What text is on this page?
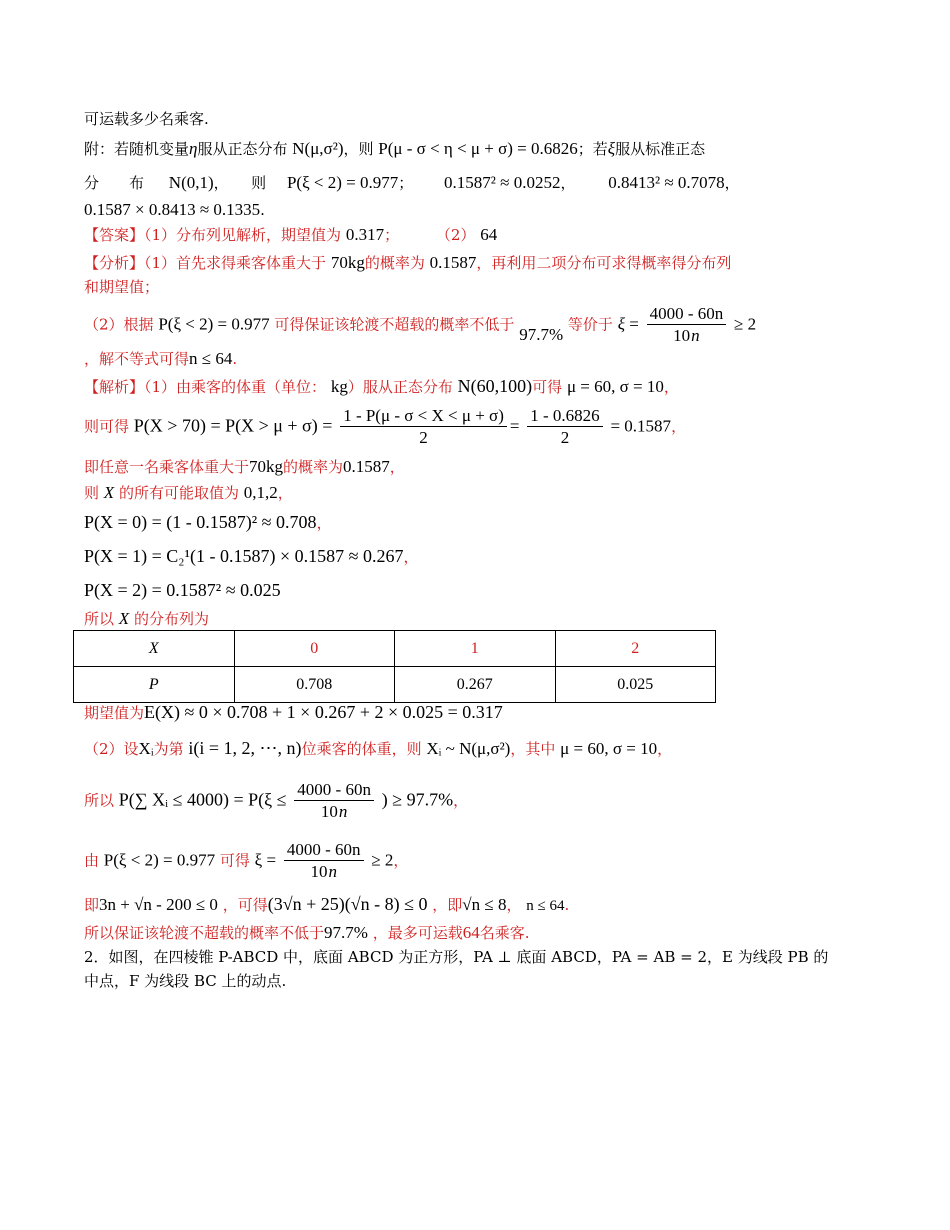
可运载多少名乘客.
附：若随机变量η服从正态分布 N(μ,σ²)，则 P(μ - σ < η < μ + σ) = 0.6826；若ξ服从标准正态
分　　布 N(0,1)，　　则 P(ξ < 2) = 0.977； 0.1587² ≈ 0.0252， 0.8413² ≈ 0.7078，
0.1587 × 0.8413 ≈ 0.1335.
【答案】（1）分布列见解析，期望值为 0.317； （2） 64
【分析】（1）首先求得乘客体重大于 70kg的概率为 0.1587，再利用二项分布可求得概率得分布列
和期望值；
（2）根据 P(ξ < 2) = 0.977 可得保证该轮渡不超载的概率不低于 97.7% 等价于 $\xi = \frac{4000 - 60n}{10n} \ge 2$
，解不等式可得n ≤ 64.
【解析】（1）由乘客的体重（单位： kg）服从正态分布 N(60,100)可得 μ = 60, σ = 10，
则可得 $P(X > 70) = P(X > \mu + \sigma) = \frac{1 - P(\mu - \sigma < X < \mu + \sigma)}{2} = \frac{1 - 0.6826}{2} = 0.1587$，
即任意一名乘客体重大于70kg的概率为0.1587，
则 X 的所有可能取值为 0,1,2，
P(X = 0) = (1 - 0.1587)² ≈ 0.708，
P(X = 1) = C₂¹(1 - 0.1587) × 0.1587 ≈ 0.267，
P(X = 2) = 0.1587² ≈ 0.025
所以 X 的分布列为
X	0	1	2
P	0.708	0.267	0.025
期望值为E(X) ≈ 0 × 0.708 + 1 × 0.267 + 2 × 0.025 = 0.317
（2）设Xᵢ为第 i(i = 1, 2, ⋯, n)位乘客的体重，则 Xᵢ ~ N(μ,σ²)，其中 μ = 60, σ = 10，
所以 P(∑ Xᵢ ≤ $4000) = P(\xi \le \frac{4000 - 60n}{10n}$ ) ≥ 97.7%，
由 P(ξ < 2) = 0.977 可得 $\xi = \frac{4000 - 60n}{10n} \ge 2$，
即3n + √n - 200 ≤ 0 ，可得(3√n + 25)(√n - 8) ≤ 0 ，即√n ≤ 8， n ≤ 64.
所以保证该轮渡不超载的概率不低于97.7% ，最多可运载64名乘客.
2．如图，在四棱锥 P-ABCD 中，底面 ABCD 为正方形，PA ⊥ 底面 ABCD，PA = AB = 2，E 为线段 PB 的
中点，F 为线段 BC 上的动点.
